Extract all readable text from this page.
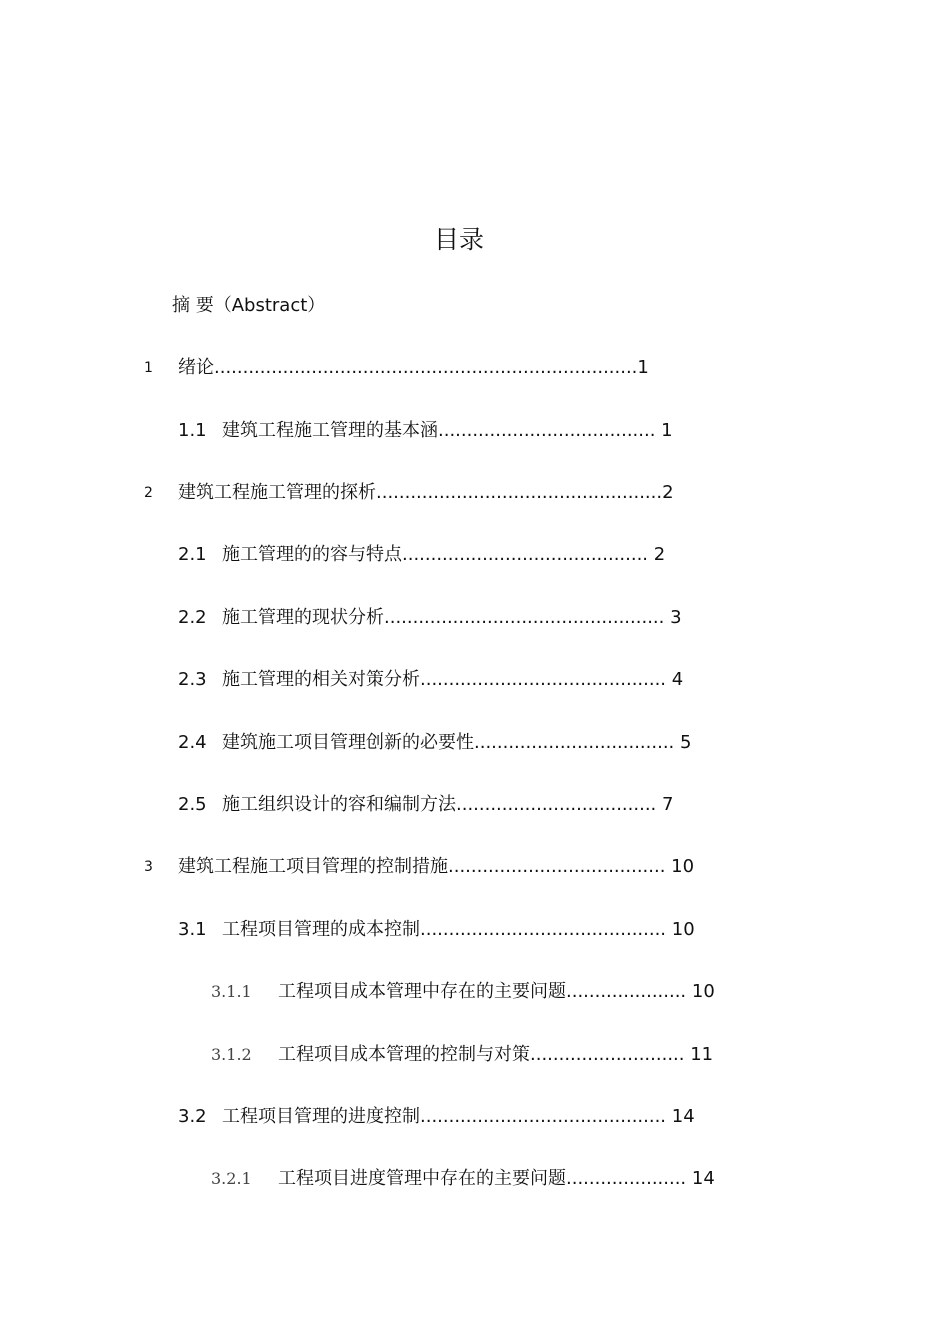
目录
摘 要（Abstract）
1 绪论..........................................................................1
1.1 建筑工程施工管理的基本涵...................................... 1
2 建筑工程施工管理的探析..................................................2
2.1 施工管理的的容与特点........................................... 2
2.2 施工管理的现状分析................................................. 3
2.3 施工管理的相关对策分析........................................... 4
2.4 建筑施工项目管理创新的必要性................................... 5
2.5 施工组织设计的容和编制方法................................... 7
3 建筑工程施工项目管理的控制措施...................................... 10
3.1 工程项目管理的成本控制........................................... 10
3.1.1 工程项目成本管理中存在的主要问题..................... 10
3.1.2 工程项目成本管理的控制与对策........................... 11
3.2 工程项目管理的进度控制........................................... 14
3.2.1 工程项目进度管理中存在的主要问题..................... 14
